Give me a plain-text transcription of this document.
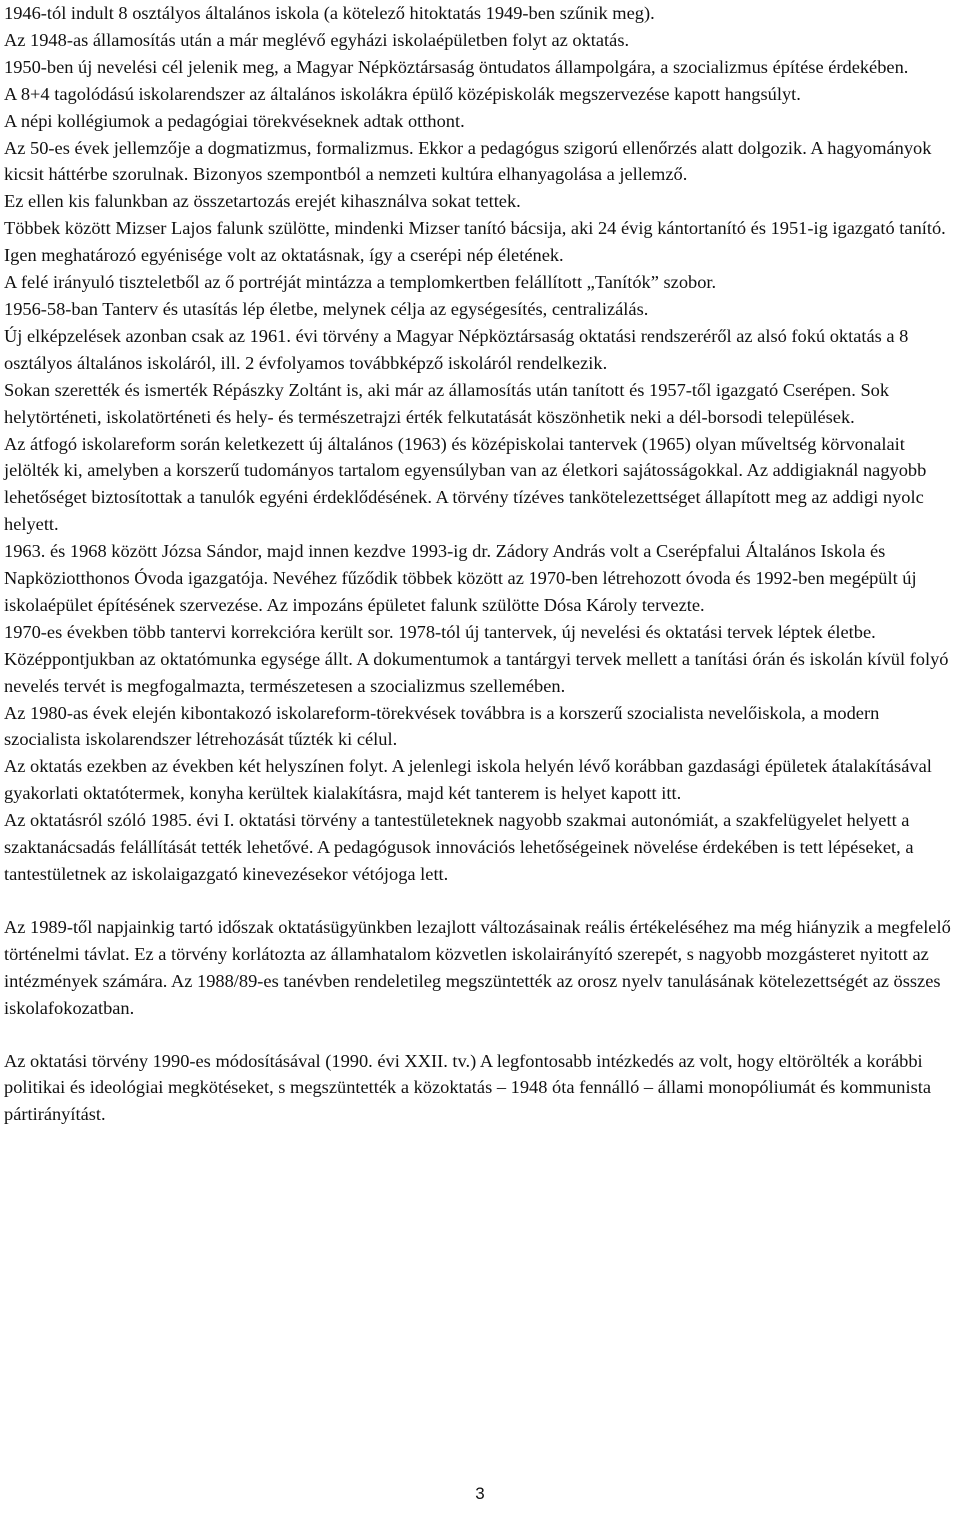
1946-tól indult 8 osztályos általános iskola (a kötelező hitoktatás 1949-ben szűnik meg).

Az 1948-as államosítás után a már meglévő egyházi iskolaépületben folyt az oktatás.

1950-ben új nevelési cél jelenik meg, a Magyar Népköztársaság öntudatos állampolgára, a szocializmus építése érdekében.

A 8+4 tagolódású iskolarendszer az általános iskolákra épülő középiskolák megszervezése kapott hangsúlyt.

A népi kollégiumok a pedagógiai törekvéseknek adtak otthont.

Az 50-es évek jellemzője a dogmatizmus, formalizmus. Ekkor a pedagógus szigorú ellenőrzés alatt dolgozik. A hagyományok kicsit háttérbe szorulnak. Bizonyos szempontból a nemzeti kultúra elhanyagolása a jellemző.

Ez ellen kis falunkban az összetartozás erejét kihasználva sokat tettek.

Többek között Mizser Lajos falunk szülötte, mindenki Mizser tanító bácsija, aki 24 évig kántortanító és 1951-ig igazgató tanító. Igen meghatározó egyénisége volt az oktatásnak, így a cserépi nép életének.

A felé irányuló tiszteletből az ő portréját mintázza a templomkertben felállított „Tanítók” szobor.

1956-58-ban Tanterv és utasítás lép életbe, melynek célja az egységesítés, centralizálás.

Új elképzelések azonban csak az 1961. évi törvény a Magyar Népköztársaság oktatási rendszeréről az alsó fokú oktatás a 8 osztályos általános iskoláról, ill. 2 évfolyamos továbbképző iskoláról rendelkezik.

Sokan szerették és ismerték Répászky Zoltánt is, aki már az államosítás után tanított és 1957-től igazgató Cserépen. Sok helytörténeti, iskolatörténeti és hely- és természetrajzi érték felkutatását köszönhetik neki a dél-borsodi települések.

Az átfogó iskolareform során keletkezett új általános (1963) és középiskolai tantervek (1965) olyan műveltség körvonalait jelölték ki, amelyben a korszerű tudományos tartalom egyensúlyban van az életkori sajátosságokkal. Az addigiaknál nagyobb lehetőséget biztosítottak a tanulók egyéni érdeklődésének. A törvény tízéves tankötelezettséget állapított meg az addigi nyolc helyett.

1963. és 1968 között Józsa Sándor, majd innen kezdve 1993-ig dr. Zádory András volt a Cserépfalui Általános Iskola és Napköziotthonos Óvoda igazgatója. Nevéhez fűződik többek között az 1970-ben létrehozott óvoda és 1992-ben megépült új iskolaépület építésének szervezése. Az impozáns épületet falunk szülötte Dósa Károly tervezte.

1970-es években több tantervi korrekcióra került sor. 1978-tól új tantervek, új nevelési és oktatási tervek léptek életbe. Középpontjukban az oktatómunka egysége állt. A dokumentumok a tantárgyi tervek mellett a tanítási órán és iskolán kívül folyó nevelés tervét is megfogalmazta, természetesen a szocializmus szellemében.

Az 1980-as évek elején kibontakozó iskolareform-törekvések továbbra is a korszerű szocialista nevelőiskola, a modern szocialista iskolarendszer létrehozását tűzték ki célul.

Az oktatás ezekben az években két helyszínen folyt. A jelenlegi iskola helyén lévő korábban gazdasági épületek átalakításával gyakorlati oktatótermek, konyha kerültek kialakításra, majd két tanterem is helyet kapott itt.

Az oktatásról szóló 1985. évi I. oktatási törvény a tantestületeknek nagyobb szakmai autonómiát, a szakfelügyelet helyett a szaktanácsadás felállítását tették lehetővé. A pedagógusok innovációs lehetőségeinek növelése érdekében is tett lépéseket, a tantestületnek az iskolaigazgató kinevezésekor vétójoga lett.

Az 1989-től napjainkig tartó időszak oktatásügyünkben lezajlott változásainak reális értékeléséhez ma még hiányzik a megfelelő történelmi távlat. Ez a törvény korlátozta az államhatalom közvetlen iskolairányító szerepét, s nagyobb mozgásteret nyitott az intézmények számára. Az 1988/89-es tanévben rendeletileg megszüntették az orosz nyelv tanulásának kötelezettségét az összes iskolafokozatban.

Az oktatási törvény 1990-es módosításával (1990. évi XXII. tv.) A legfontosabb intézkedés az volt, hogy eltörölték a korábbi politikai és ideológiai megkötéseket, s megszüntették a közoktatás – 1948 óta fennálló – állami monopóliumát és kommunista pártirányítást.

3
